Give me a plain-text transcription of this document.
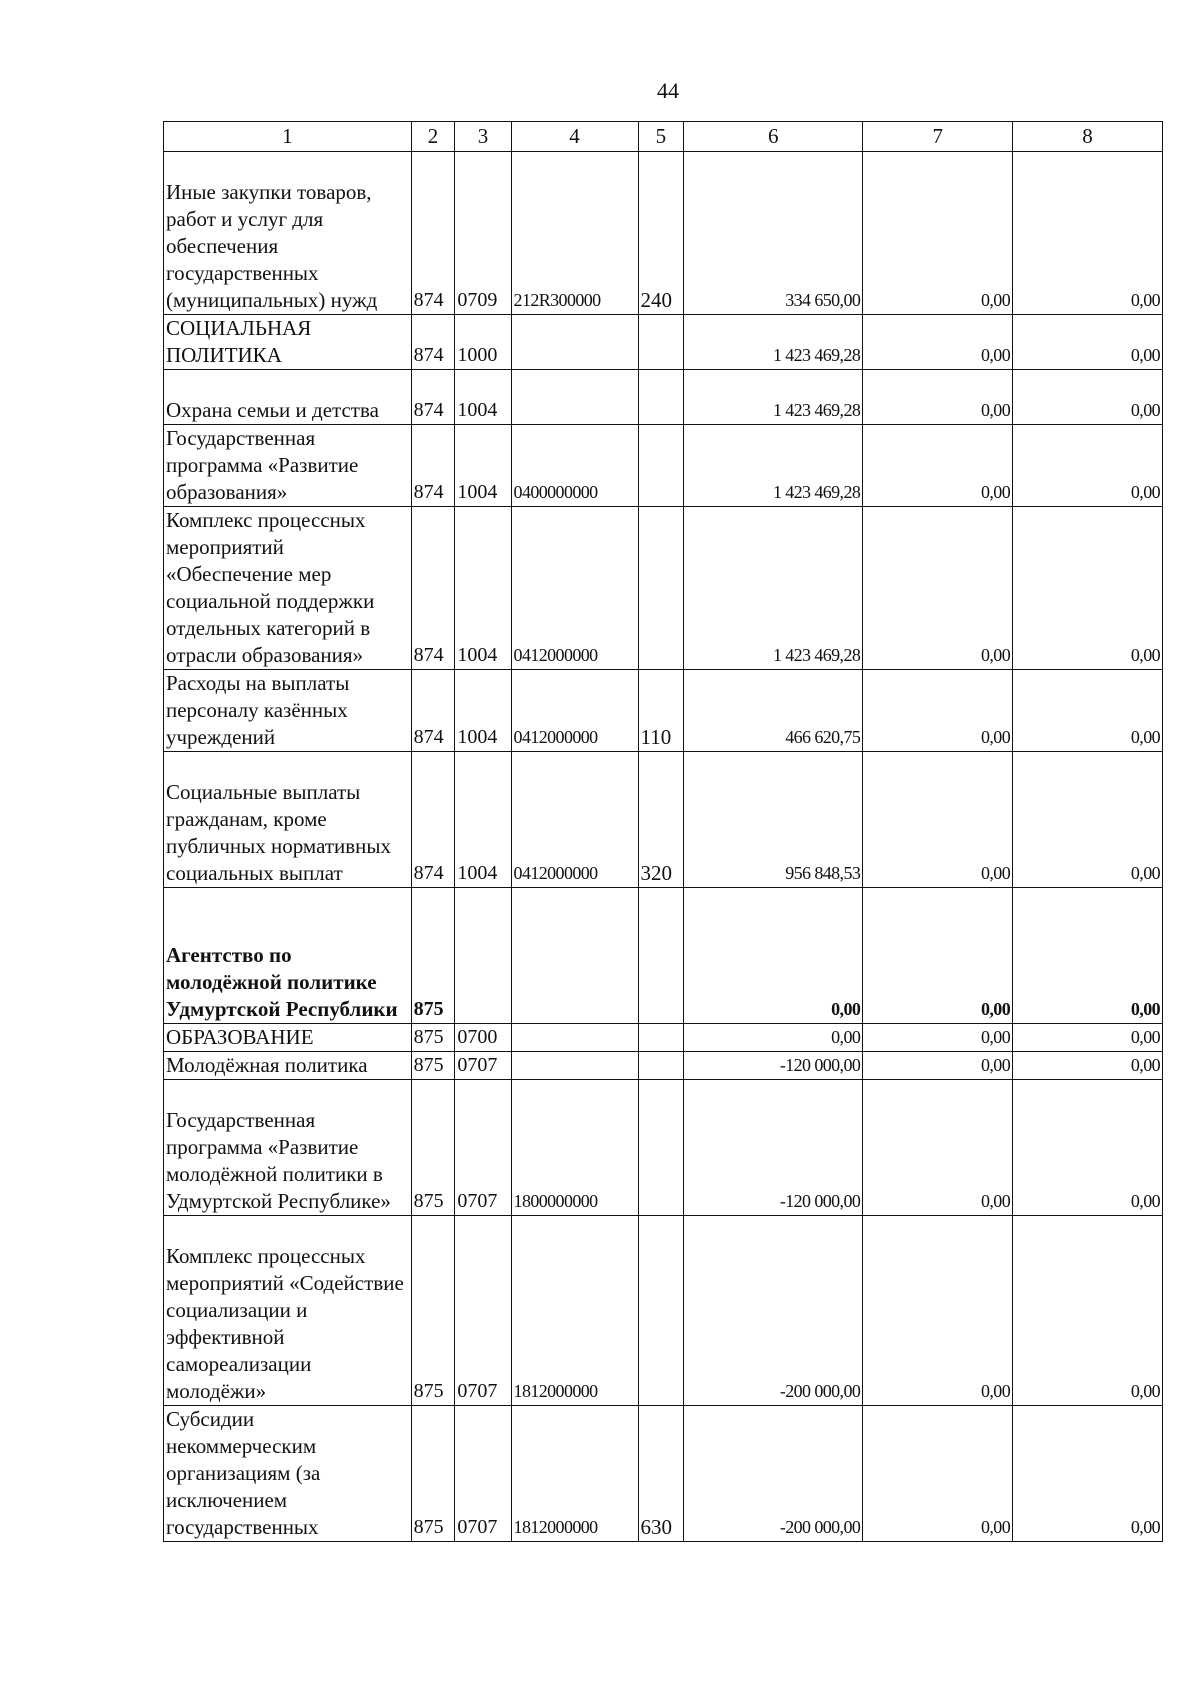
44
1	2	3	4	5	6	7	8
Иные закупки товаров, работ и услуг для обеспечения государственных (муниципальных) нужд	874	0709	212R300000	240	334 650,00	0,00	0,00
СОЦИАЛЬНАЯ ПОЛИТИКА	874	1000			1 423 469,28	0,00	0,00
Охрана семьи и детства	874	1004			1 423 469,28	0,00	0,00
Государственная программа «Развитие образования»	874	1004	0400000000		1 423 469,28	0,00	0,00
Комплекс процессных мероприятий «Обеспечение мер социальной поддержки отдельных категорий в отрасли образования»	874	1004	0412000000		1 423 469,28	0,00	0,00
Расходы на выплаты персоналу казённых учреждений	874	1004	0412000000	110	466 620,75	0,00	0,00
Социальные выплаты гражданам, кроме публичных нормативных социальных выплат	874	1004	0412000000	320	956 848,53	0,00	0,00
Агентство по молодёжной политике Удмуртской Республики	875				0,00	0,00	0,00
ОБРАЗОВАНИЕ	875	0700			0,00	0,00	0,00
Молодёжная политика	875	0707			-120 000,00	0,00	0,00
Государственная программа «Развитие молодёжной политики в Удмуртской Республике»	875	0707	1800000000		-120 000,00	0,00	0,00
Комплекс процессных мероприятий «Содействие социализации и эффективной самореализации молодёжи»	875	0707	1812000000		-200 000,00	0,00	0,00
Субсидии некоммерческим организациям (за исключением государственных	875	0707	1812000000	630	-200 000,00	0,00	0,00
